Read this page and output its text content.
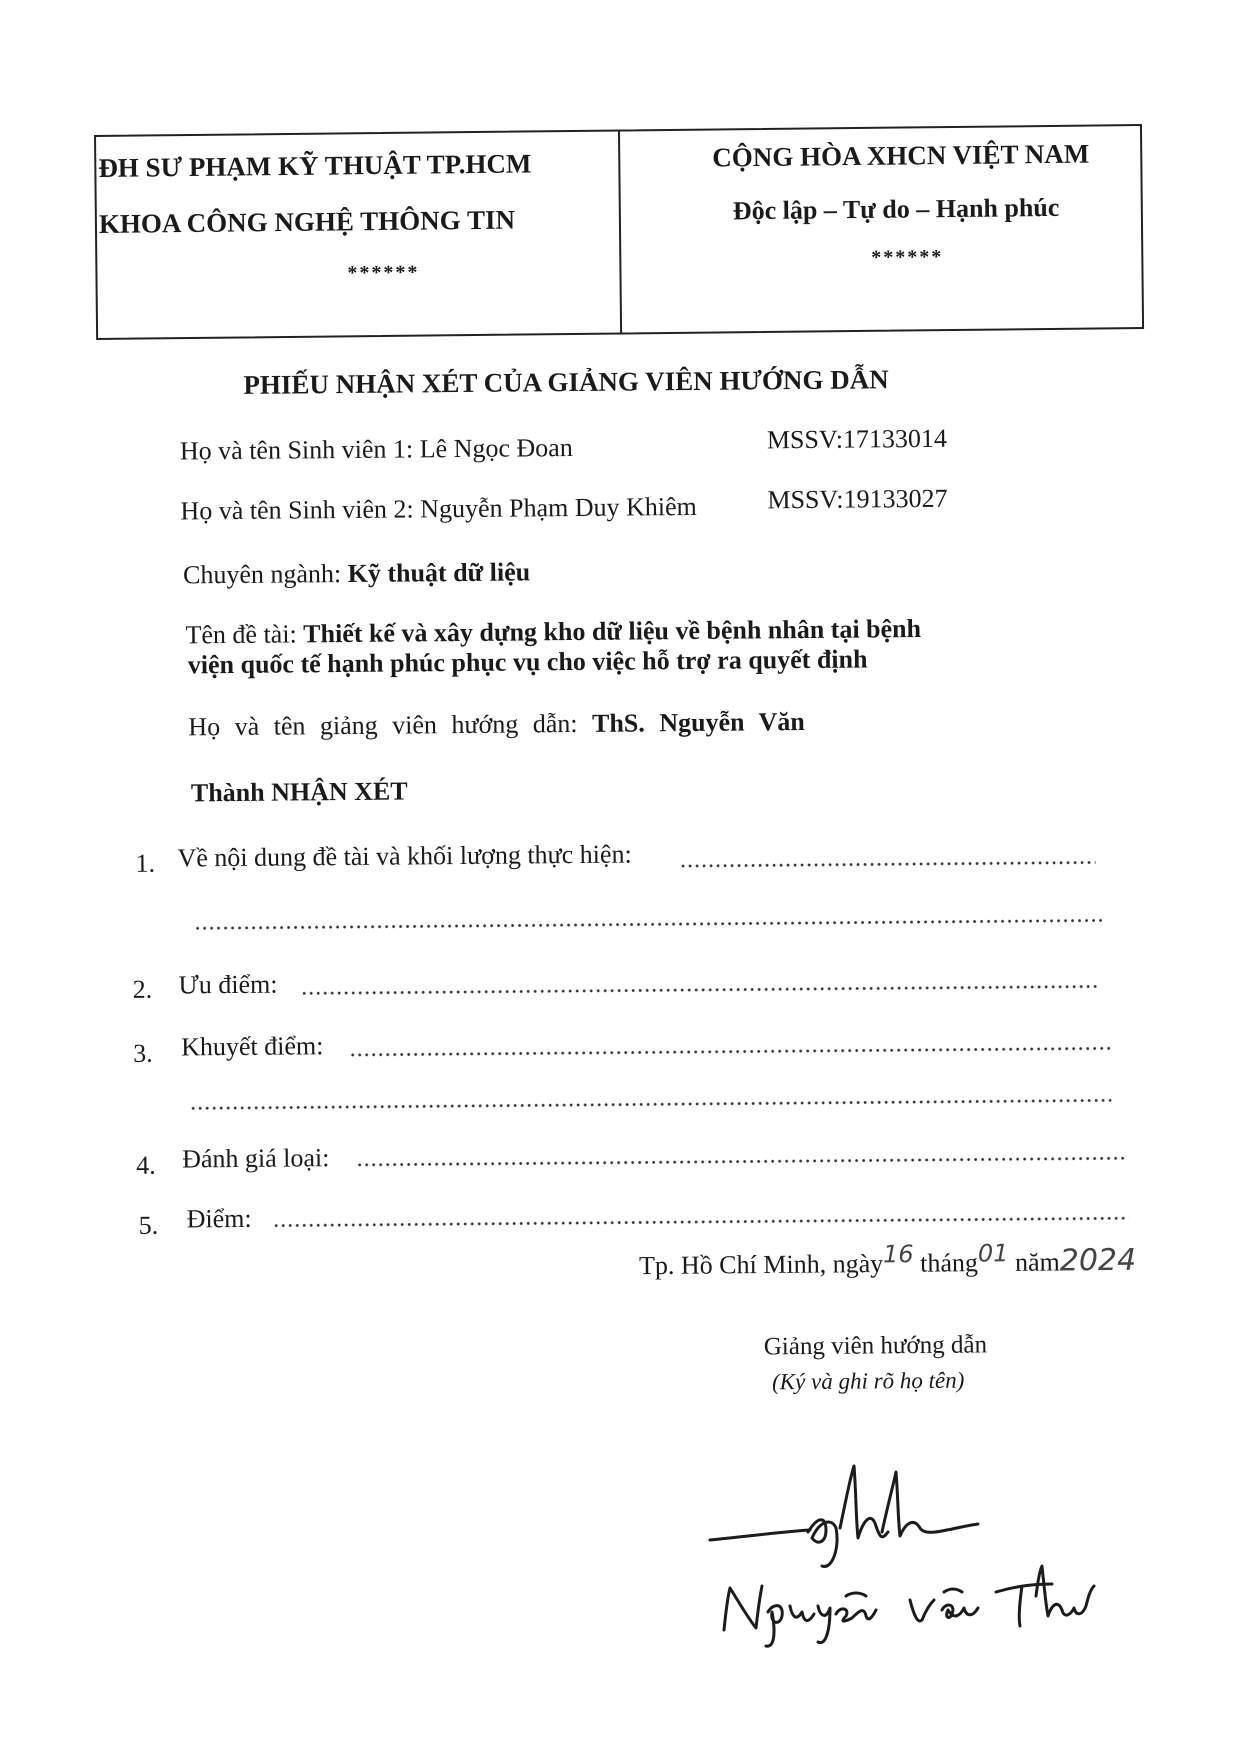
ĐH SƯ PHẠM KỸ THUẬT TP.HCM
KHOA CÔNG NGHỆ THÔNG TIN
******
CỘNG HÒA XHCN VIỆT NAM
Độc lập – Tự do – Hạnh phúc
******
PHIẾU NHẬN XÉT CỦA GIẢNG VIÊN HƯỚNG DẪN
Họ và tên Sinh viên 1: Lê Ngọc Đoan	MSSV:17133014
Họ và tên Sinh viên 2: Nguyễn Phạm Duy Khiêm	MSSV:19133027
Chuyên ngành: Kỹ thuật dữ liệu
Tên đề tài: Thiết kế và xây dựng kho dữ liệu về bệnh nhân tại bệnh
viện quốc tế hạnh phúc phục vụ cho việc hỗ trợ ra quyết định
Họ và tên giảng viên hướng dẫn: ThS. Nguyễn Văn
Thành NHẬN XÉT
1. Về nội dung đề tài và khối lượng thực hiện:
2. Ưu điểm:
3. Khuyết điểm:
4. Đánh giá loại:
5. Điểm:
Tp. Hồ Chí Minh, ngày$^{16}$ tháng$^{01}$ năm2024
Giảng viên hướng dẫn
(Ký và ghi rõ họ tên)
